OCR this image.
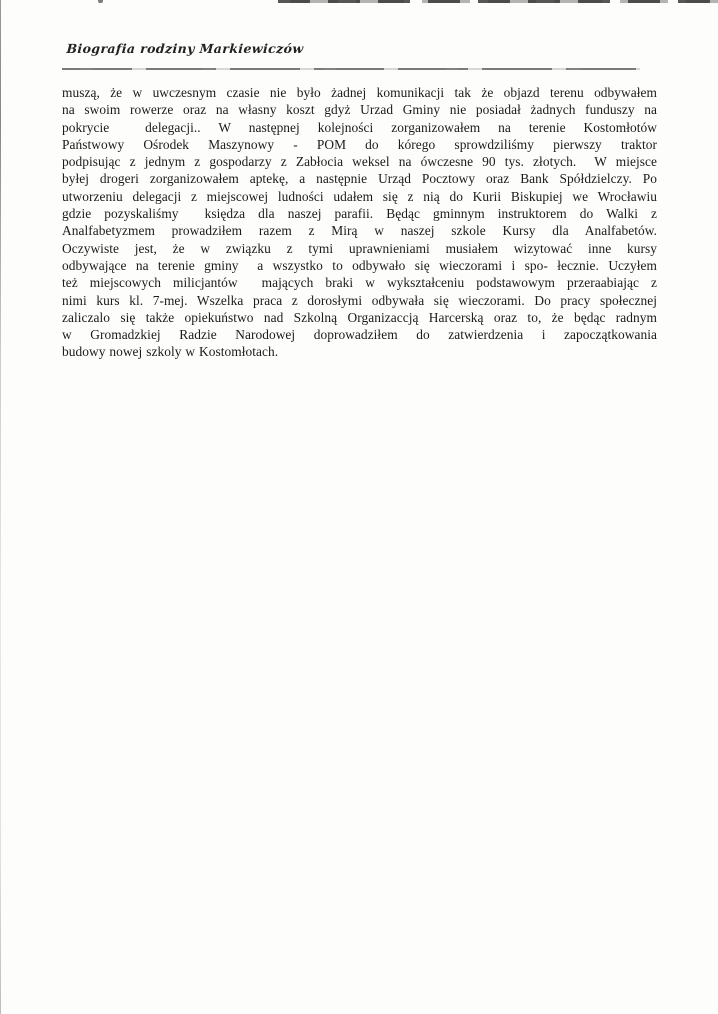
Biografia rodziny Markiewiczów
muszą, że w uwczesnym czasie nie było żadnej komunikacji tak że objazd terenu odbywałem
na swoim rowerze oraz na własny koszt gdyż Urzad Gminy nie posiadał żadnych funduszy na
pokrycie  delegacji.. W następnej kolejności zorganizowałem na terenie Kostomłotów
Państwowy Ośrodek Maszynowy - POM do kórego sprowdziliśmy pierwszy traktor
podpisując z jednym z gospodarzy z Zabłocia weksel na ówczesne 90 tys. złotych.  W miejsce
byłej drogeri zorganizowałem aptekę, a następnie Urząd Pocztowy oraz Bank Spółdzielczy. Po
utworzeniu delegacji z miejscowej ludności udałem się z nią do Kurii Biskupiej we Wrocławiu
gdzie pozyskaliśmy  księdza dla naszej parafii. Będąc gminnym instruktorem do Walki z
Analfabetyzmem prowadziłem razem z Mirą w naszej szkole Kursy dla Analfabetów.
Oczywiste jest, że w związku z tymi uprawnieniami musiałem wizytować inne kursy
odbywające na terenie gminy  a wszystko to odbywało się wieczorami i spo- łecznie. Uczyłem
też miejscowych milicjantów  mających braki w wykształceniu podstawowym przeraabiając z
nimi kurs kl. 7-mej. Wszelka praca z dorosłymi odbywała się wieczorami. Do pracy społecznej
zaliczalo się także opiekuństwo nad Szkolną Organizaccją Harcerską oraz to, że będąc radnym
w Gromadzkiej Radzie Narodowej doprowadziłem do zatwierdzenia i zapoczątkowania
budowy nowej szkoly w Kostomłotach.
